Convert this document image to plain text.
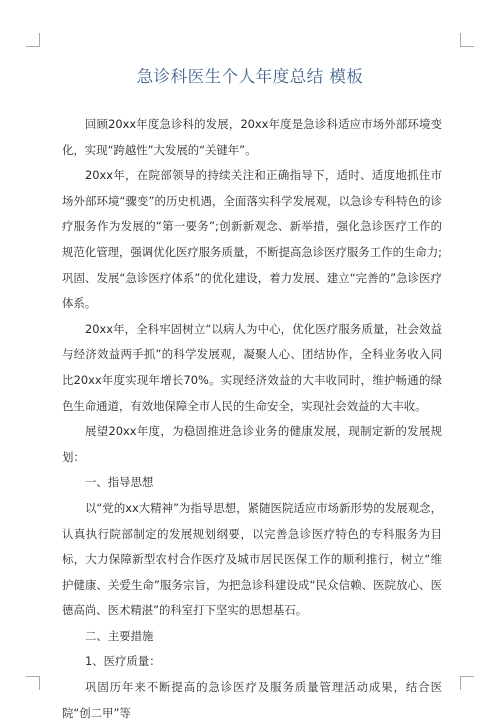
急诊科医生个人年度总结 模板

回顾20xx年度急诊科的发展，20xx年度是急诊科适应市场外部环境变化，实现“跨越性”大发展的“关键年”。

20xx年，在院部领导的持续关注和正确指导下，适时、适度地抓住市场外部环境“骤变”的历史机遇，全面落实科学发展观，以急诊专科特色的诊疗服务作为发展的“第一要务”;创新新观念、新举措，强化急诊医疗工作的规范化管理，强调优化医疗服务质量，不断提高急诊医疗服务工作的生命力;巩固、发展“急诊医疗体系”的优化建设，着力发展、建立“完善的”急诊医疗体系。

20xx年，全科牢固树立“以病人为中心，优化医疗服务质量，社会效益与经济效益两手抓”的科学发展观，凝聚人心、团结协作，全科业务收入同比20xx年度实现年增长70%。实现经济效益的大丰收同时，维护畅通的绿色生命通道，有效地保障全市人民的生命安全，实现社会效益的大丰收。

展望20xx年度，为稳固推进急诊业务的健康发展，现制定新的发展规划：

一、指导思想

以“党的xx大精神”为指导思想，紧随医院适应市场新形势的发展观念，认真执行院部制定的发展规划纲要，以完善急诊医疗特色的专科服务为目标，大力保障新型农村合作医疗及城市居民医保工作的顺利推行，树立“维护健康、关爱生命”服务宗旨，为把急诊科建设成“民众信赖、医院放心、医德高尚、医术精湛”的科室打下坚实的思想基石。

二、主要措施

1、医疗质量：

巩固历年来不断提高的急诊医疗及服务质量管理活动成果，结合医院“创二甲”等
